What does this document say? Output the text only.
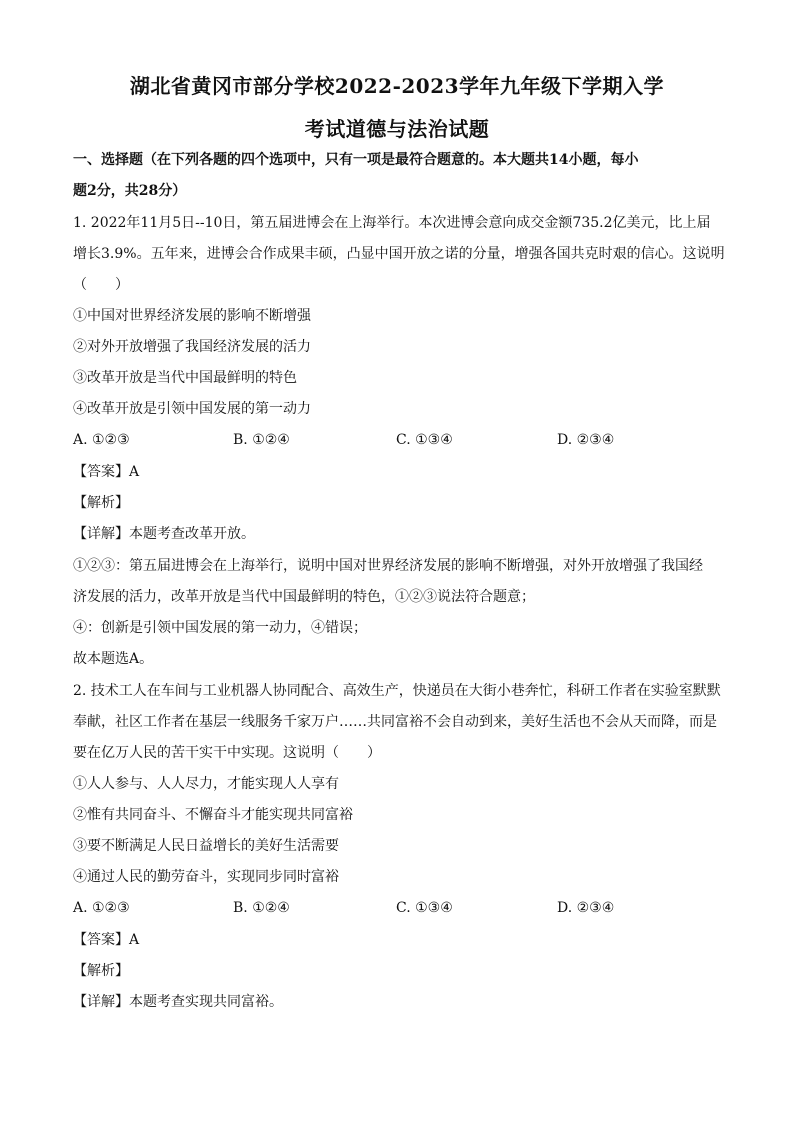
湖北省黄冈市部分学校2022-2023学年九年级下学期入学
考试道德与法治试题
一、选择题（在下列各题的四个选项中，只有一项是最符合题意的。本大题共14小题，每小
题2分，共28分）
1. 2022年11月5日--10日，第五届进博会在上海举行。本次进博会意向成交金额735.2亿美元，比上届
增长3.9%。五年来，进博会合作成果丰硕，凸显中国开放之诺的分量，增强各国共克时艰的信心。这说明
（　　）
①中国对世界经济发展的影响不断增强
②对外开放增强了我国经济发展的活力
③改革开放是当代中国最鲜明的特色
④改革开放是引领中国发展的第一动力
A. ①②③	B. ①②④	C. ①③④	D. ②③④
【答案】A
【解析】
【详解】本题考查改革开放。
①②③：第五届进博会在上海举行，说明中国对世界经济发展的影响不断增强，对外开放增强了我国经
济发展的活力，改革开放是当代中国最鲜明的特色，①②③说法符合题意；
④：创新是引领中国发展的第一动力，④错误；
故本题选A。
2. 技术工人在车间与工业机器人协同配合、高效生产，快递员在大街小巷奔忙，科研工作者在实验室默默
奉献，社区工作者在基层一线服务千家万户……共同富裕不会自动到来，美好生活也不会从天而降，而是
要在亿万人民的苦干实干中实现。这说明（　　）
①人人参与、人人尽力，才能实现人人享有
②惟有共同奋斗、不懈奋斗才能实现共同富裕
③要不断满足人民日益增长的美好生活需要
④通过人民的勤劳奋斗，实现同步同时富裕
A. ①②③	B. ①②④	C. ①③④	D. ②③④
【答案】A
【解析】
【详解】本题考查实现共同富裕。
